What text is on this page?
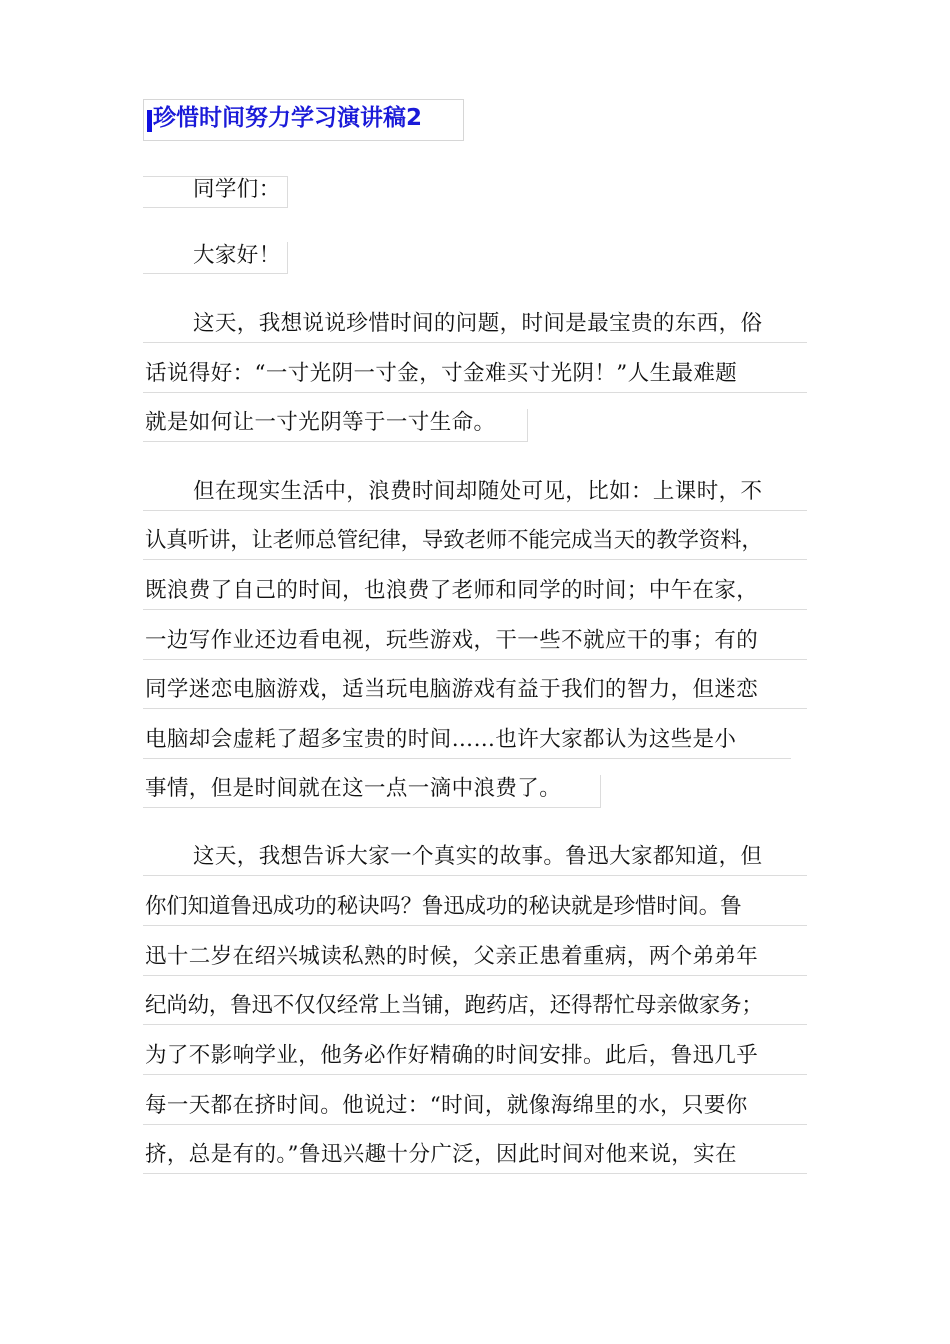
珍惜时间努力学习演讲稿2
同学们：
大家好！
这天，我想说说珍惜时间的问题，时间是最宝贵的东西，俗
话说得好：“一寸光阴一寸金，寸金难买寸光阴！”人生最难题
就是如何让一寸光阴等于一寸生命。
但在现实生活中，浪费时间却随处可见，比如：上课时，不
认真听讲，让老师总管纪律，导致老师不能完成当天的教学资料，
既浪费了自己的时间，也浪费了老师和同学的时间；中午在家，
一边写作业还边看电视，玩些游戏，干一些不就应干的事；有的
同学迷恋电脑游戏，适当玩电脑游戏有益于我们的智力，但迷恋
电脑却会虚耗了超多宝贵的时间……也许大家都认为这些是小
事情，但是时间就在这一点一滴中浪费了。
这天，我想告诉大家一个真实的故事。鲁迅大家都知道，但
你们知道鲁迅成功的秘诀吗？鲁迅成功的秘诀就是珍惜时间。鲁
迅十二岁在绍兴城读私熟的时候，父亲正患着重病，两个弟弟年
纪尚幼，鲁迅不仅仅经常上当铺，跑药店，还得帮忙母亲做家务；
为了不影响学业，他务必作好精确的时间安排。此后，鲁迅几乎
每一天都在挤时间。他说过：“时间，就像海绵里的水，只要你
挤，总是有的。”鲁迅兴趣十分广泛，因此时间对他来说，实在
